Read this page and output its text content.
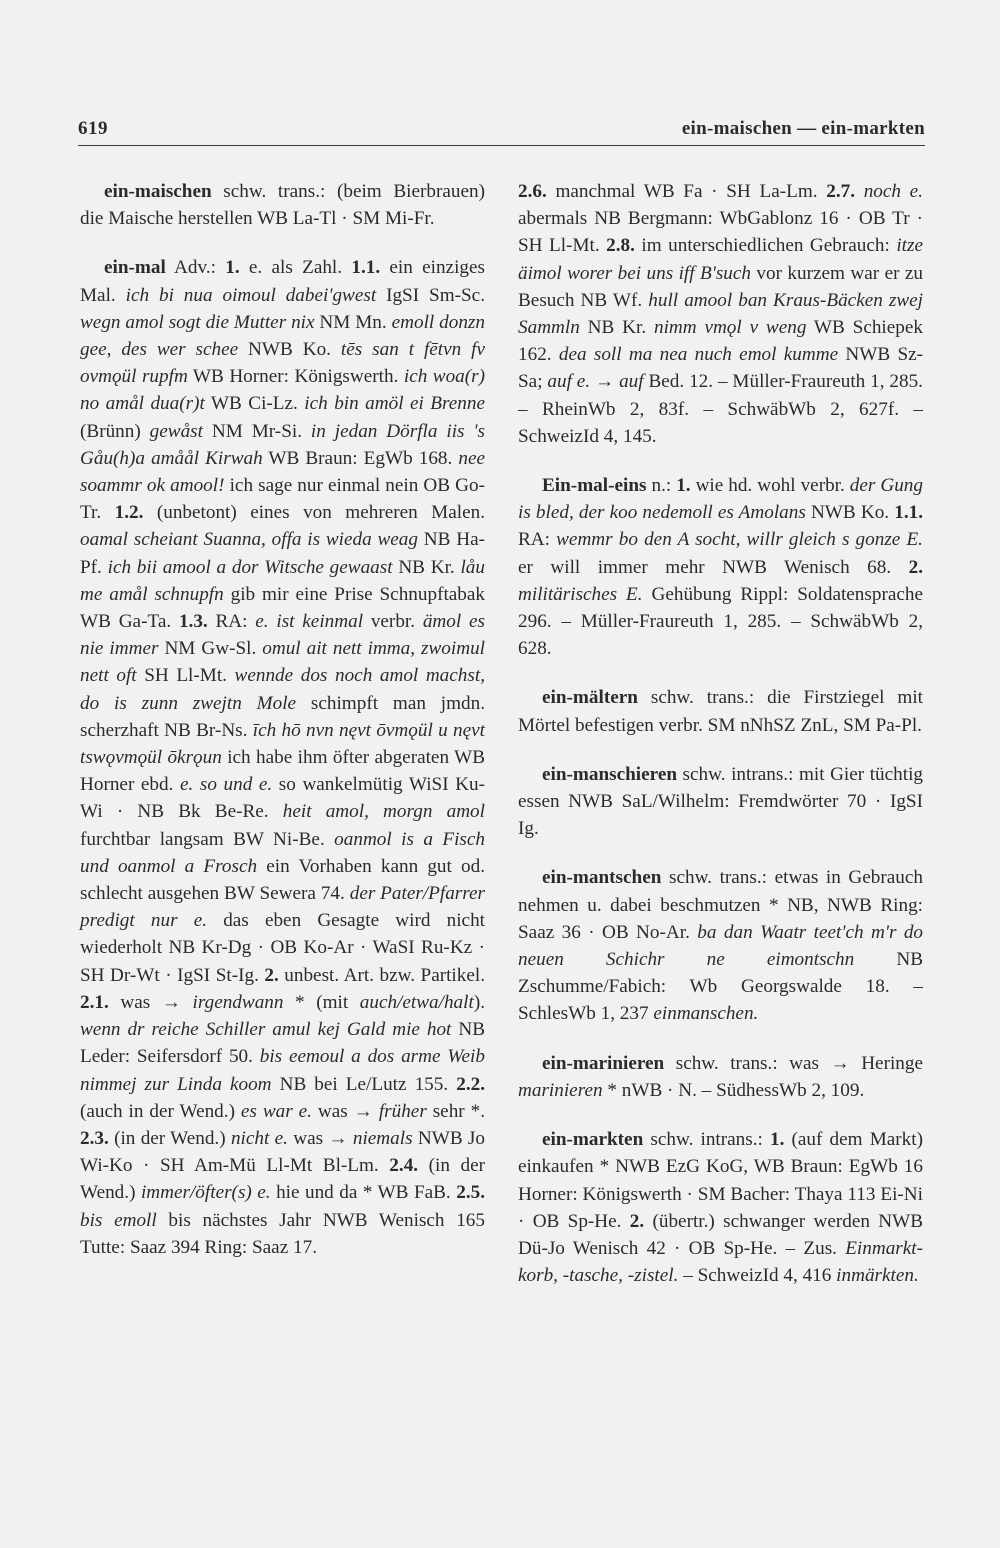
619	ein-maischen — ein-markten

ein-maischen schw. trans.: (beim Bierbrauen) die Maische herstellen WB La-Tl · SM Mi-Fr.

ein-mal Adv.: 1. e. als Zahl. 1.1. ein einziges Mal. ich bi nua oimoul dabei'gwest IgSI Sm-Sc. wegn amol sogt die Mutter nix NM Mn. emoll donzn gee, des wer schee NWB Ko. tēs san t fētvn fv ovmǫül rupfm WB Horner: Königswerth. ich woa(r) no amål dua(r)t WB Ci-Lz. ich bin amöl ei Brenne (Brünn) gewåst NM Mr-Si. in jedan Dörfla iis 's Gåu(h)a amåål Kirwah WB Braun: EgWb 168. nee soammr ok amool! ich sage nur einmal nein OB Go-Tr. 1.2. (unbetont) eines von mehreren Malen. oamal scheiant Suanna, offa is wieda weag NB Ha-Pf. ich bii amool a dor Witsche gewaast NB Kr. låu me amål schnupfn gib mir eine Prise Schnupftabak WB Ga-Ta. 1.3. RA: e. ist keinmal verbr. ämol es nie immer NM Gw-Sl. omul ait nett imma, zwoimul nett oft SH Ll-Mt. wennde dos noch amol machst, do is zunn zwejtn Mole schimpft man jmdn. scherzhaft NB Br-Ns. īch hō nvn nęvt ōvmǫül u nęvt tswǫvmǫül ōkrǫun ich habe ihm öfter abgeraten WB Horner ebd. e. so und e. so wankelmütig WiSI Ku-Wi · NB Bk Be-Re. heit amol, morgn amol furchtbar langsam BW Ni-Be. oanmol is a Fisch und oanmol a Frosch ein Vorhaben kann gut od. schlecht ausgehen BW Sewera 74. der Pater/Pfarrer predigt nur e. das eben Gesagte wird nicht wiederholt NB Kr-Dg · OB Ko-Ar · WaSI Ru-Kz · SH Dr-Wt · IgSI St-Ig. 2. unbest. Art. bzw. Partikel. 2.1. was → irgendwann * (mit auch/etwa/halt). wenn dr reiche Schiller amul kej Gald mie hot NB Leder: Seifersdorf 50. bis eemoul a dos arme Weib nimmej zur Linda koom NB bei Le/Lutz 155. 2.2. (auch in der Wend.) es war e. was → früher sehr *. 2.3. (in der Wend.) nicht e. was → niemals NWB Jo Wi-Ko · SH Am-Mü Ll-Mt Bl-Lm. 2.4. (in der Wend.) immer/öfter(s) e. hie und da * WB FaB. 2.5. bis emoll bis nächstes Jahr NWB Wenisch 165 Tutte: Saaz 394 Ring: Saaz 17.

2.6. manchmal WB Fa · SH La-Lm. 2.7. noch e. abermals NB Bergmann: WbGablonz 16 · OB Tr · SH Ll-Mt. 2.8. im unterschiedlichen Gebrauch: itze äimol worer bei uns iff B'such vor kurzem war er zu Besuch NB Wf. hull amool ban Kraus-Bäcken zwej Sammln NB Kr. nimm vmǫl v weng WB Schiepek 162. dea soll ma nea nuch emol kumme NWB Sz-Sa; auf e. → auf Bed. 12. – Müller-Fraureuth 1, 285. – RheinWb 2, 83f. – SchwäbWb 2, 627f. – SchweizId 4, 145.

Ein-mal-eins n.: 1. wie hd. wohl verbr. der Gung is bled, der koo nedemoll es Amolans NWB Ko. 1.1. RA: wemmr bo den A socht, willr gleich s gonze E. er will immer mehr NWB Wenisch 68. 2. militärisches E. Gehübung Rippl: Soldatensprache 296. – Müller-Fraureuth 1, 285. – SchwäbWb 2, 628.

ein-mältern schw. trans.: die Firstziegel mit Mörtel befestigen verbr. SM nNhSZ ZnL, SM Pa-Pl.

ein-manschieren schw. intrans.: mit Gier tüchtig essen NWB SaL/Wilhelm: Fremdwörter 70 · IgSI Ig.

ein-mantschen schw. trans.: etwas in Gebrauch nehmen u. dabei beschmutzen * NB, NWB Ring: Saaz 36 · OB No-Ar. ba dan Waatr teet'ch m'r do neuen Schichr ne eimontschn NB Zschumme/Fabich: Wb Georgswalde 18. – SchlesWb 1, 237 einmanschen.

ein-marinieren schw. trans.: was → Heringe marinieren * nWB · N. – SüdhessWb 2, 109.

ein-markten schw. intrans.: 1. (auf dem Markt) einkaufen * NWB EzG KoG, WB Braun: EgWb 16 Horner: Königswerth · SM Bacher: Thaya 113 Ei-Ni · OB Sp-He. 2. (übertr.) schwanger werden NWB Dü-Jo Wenisch 42 · OB Sp-He. – Zus. Einmarkt-korb, -tasche, -zistel. – SchweizId 4, 416 inmärkten.
